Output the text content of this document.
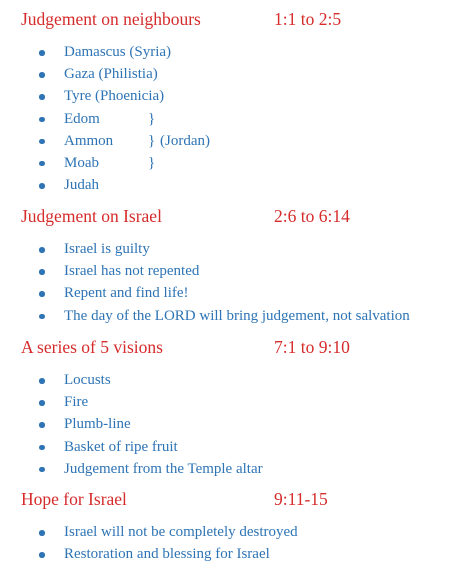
Judgement on neighbours	1:1 to 2:5
Damascus (Syria)
Gaza (Philistia)
Tyre (Phoenicia)
Edom	}
Ammon } (Jordan)
Moab	}
Judah
Judgement on Israel	2:6 to 6:14
Israel is guilty
Israel has not repented
Repent and find life!
The day of the LORD will bring judgement, not salvation
A series of 5 visions	7:1 to 9:10
Locusts
Fire
Plumb-line
Basket of ripe fruit
Judgement from the Temple altar
Hope for Israel	9:11-15
Israel will not be completely destroyed
Restoration and blessing for Israel
